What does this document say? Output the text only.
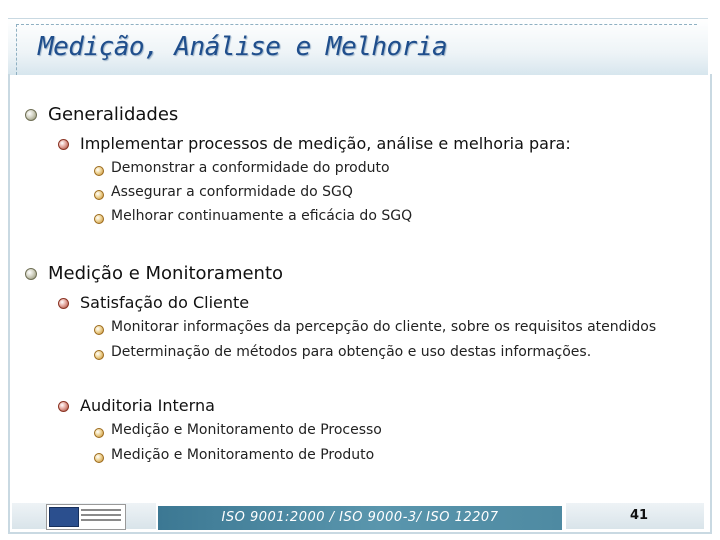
Medição, Análise e Melhoria
Generalidades
Implementar processos de medição, análise e melhoria para:
Demonstrar a conformidade do produto
Assegurar a conformidade do SGQ
Melhorar continuamente a eficácia do SGQ
Medição e Monitoramento
Satisfação do Cliente
Monitorar informações da percepção do cliente, sobre os requisitos atendidos
Determinação de métodos para obtenção e uso destas informações.
Auditoria Interna
Medição e Monitoramento de Processo
Medição e Monitoramento de Produto
ISO 9001:2000 / ISO 9000-3/ ISO 12207	41
